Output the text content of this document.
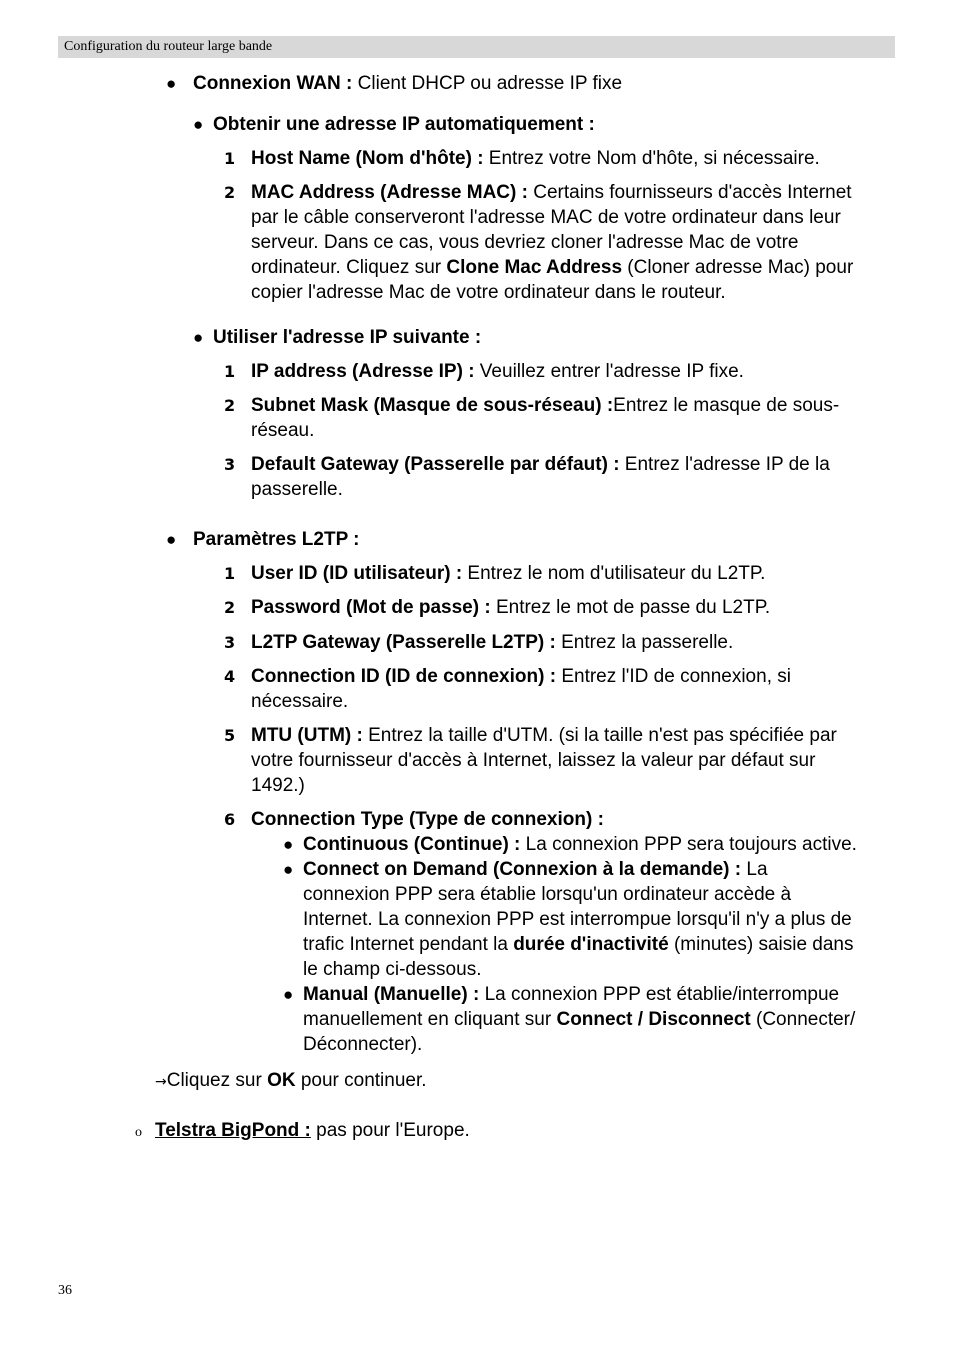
Configuration du routeur large bande
● Connexion WAN : Client DHCP ou adresse IP fixe
● Obtenir une adresse IP automatiquement :
1 Host Name (Nom d'hôte) : Entrez votre Nom d'hôte, si nécessaire.
2 MAC Address (Adresse MAC) : Certains fournisseurs d'accès Internet
par le câble conserveront l'adresse MAC de votre ordinateur dans leur
serveur. Dans ce cas, vous devriez cloner l'adresse Mac de votre
ordinateur. Cliquez sur Clone Mac Address (Cloner adresse Mac) pour
copier l'adresse Mac de votre ordinateur dans le routeur.
● Utiliser l'adresse IP suivante :
1 IP address (Adresse IP) : Veuillez entrer l'adresse IP fixe.
2 Subnet Mask (Masque de sous-réseau) :Entrez le masque de sous-
réseau.
3 Default Gateway (Passerelle par défaut) : Entrez l'adresse IP de la
passerelle.
● Paramètres L2TP :
1 User ID (ID utilisateur) : Entrez le nom d'utilisateur du L2TP.
2 Password (Mot de passe) : Entrez le mot de passe du L2TP.
3 L2TP Gateway (Passerelle L2TP) : Entrez la passerelle.
4 Connection ID (ID de connexion) : Entrez l'ID de connexion, si
nécessaire.
5 MTU (UTM) : Entrez la taille d'UTM. (si la taille n'est pas spécifiée par
votre fournisseur d'accès à Internet, laissez la valeur par défaut sur
1492.)
6 Connection Type (Type de connexion) :
● Continuous (Continue) : La connexion PPP sera toujours active.
● Connect on Demand (Connexion à la demande) : La
connexion PPP sera établie lorsqu'un ordinateur accède à
Internet. La connexion PPP est interrompue lorsqu'il n'y a plus de
trafic Internet pendant la durée d'inactivité (minutes) saisie dans
le champ ci-dessous.
● Manual (Manuelle) : La connexion PPP est établie/interrompue
manuellement en cliquant sur Connect / Disconnect (Connecter/
Déconnecter).
→Cliquez sur OK pour continuer.
o Telstra BigPond : pas pour l'Europe.
36
